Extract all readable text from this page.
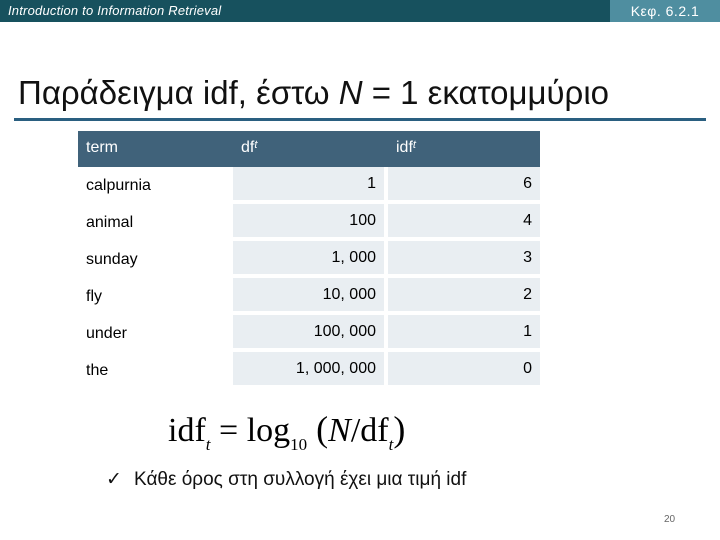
Introduction to Information Retrieval	Κεφ. 6.2.1
Παράδειγμα idf, έστω N = 1 εκατομμύριο
term	df t	idf t
calpurnia	1	6
animal	100	4
sunday	1, 000	3
fly	10, 000	2
under	100, 000	1
the	1, 000, 000	0
$idf_t = \log_{10} (N/df_t)$
✓ Κάθε όρος στη συλλογή έχει μια τιμή idf
20
